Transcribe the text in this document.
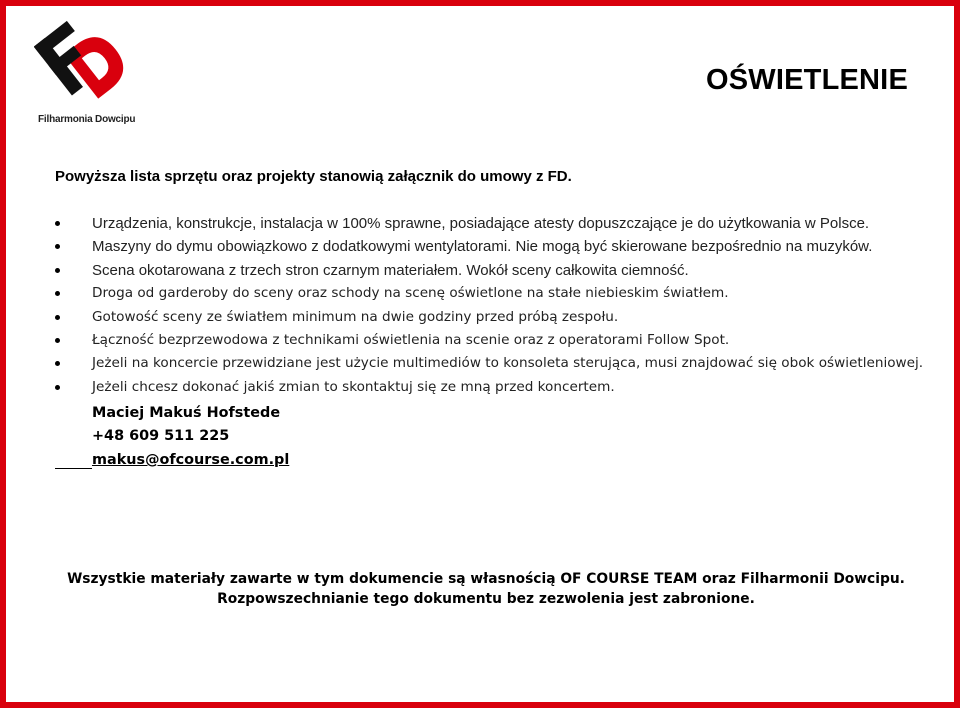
Filharmonia Dowcipu
OŚWIETLENIE
Powyższa lista sprzętu oraz projekty stanowią załącznik do umowy z FD.
Urządzenia, konstrukcje, instalacja w 100% sprawne, posiadające atesty dopuszczające je do użytkowania w Polsce.
Maszyny do dymu obowiązkowo z dodatkowymi wentylatorami. Nie mogą być skierowane bezpośrednio na muzyków.
Scena okotarowana z trzech stron czarnym materiałem. Wokół sceny całkowita ciemność.
Droga od garderoby do sceny oraz schody na scenę oświetlone na stałe niebieskim światłem.
Gotowość sceny ze światłem minimum na dwie godziny przed próbą zespołu.
Łączność bezprzewodowa z technikami oświetlenia na scenie oraz z operatorami Follow Spot.
Jeżeli na koncercie przewidziane jest użycie multimediów to konsoleta sterująca, musi znajdować się obok oświetleniowej.
Jeżeli chcesz dokonać jakiś zmian to skontaktuj się ze mną przed koncertem.
Maciej Makuś Hofstede
+48 609 511 225
makus@ofcourse.com.pl
Wszystkie materiały zawarte w tym dokumencie są własnością OF COURSE TEAM oraz Filharmonii Dowcipu.
Rozpowszechnianie tego dokumentu bez zezwolenia jest zabronione.
